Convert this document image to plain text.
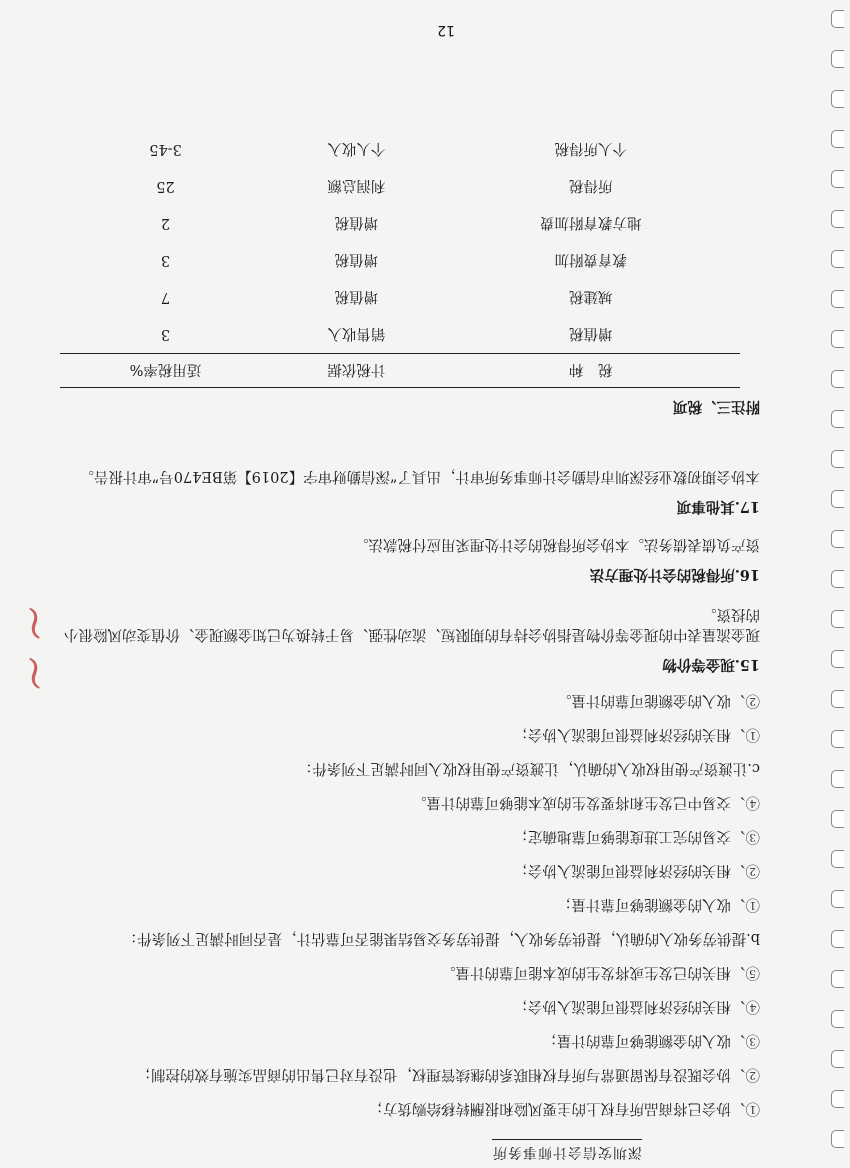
深圳安信会计师事务所
①、协会已将商品所有权上的主要风险和报酬转移给购货方；
②、协会既没有保留通常与所有权相联系的继续管理权，也没有对已售出的商品实施有效的控制；
③、收入的金额能够可靠的计量；
④、相关的经济利益很可能流入协会；
⑤、相关的已发生或将发生的成本能可靠的计量。
b.提供劳务收入的确认，提供劳务收入，提供劳务交易结果能否可靠估计，是否同时满足下列条件：
①、收入的金额能够可靠计量；
②、相关的经济利益很可能流入协会；
③、交易的完工进度能够可靠地确定；
④、交易中已发生和将要发生的成本能够可靠的计量。
c.让渡资产使用权收入的确认，让渡资产使用权收入同时满足下列条件：
①、相关的经济利益很可能流入协会；
②、收入的金额能可靠的计量。
15.现金等价物
现金流量表中的现金等价物是指协会持有的期限短、流动性强、易于转换为已知金额现金、价值变动风险很小的投资。
16.所得税的会计处理方法
资产负债表债务法。本协会所得税的会计处理采用应付税款法。
17.其他事项
本协会期初数业经深圳市信勤会计师事务所审计，出具了“深信勤财审字【2019】第BE470号”审计报告。
附注三、税项
税　种	计税依据	适用税率%
增值税	销售收入	3
城建税	增值税	7
教育费附加	增值税	3
地方教育附加费	增值税	2
所得税	利润总额	25
个人所得税	个人收入	3-45
～
～
12
